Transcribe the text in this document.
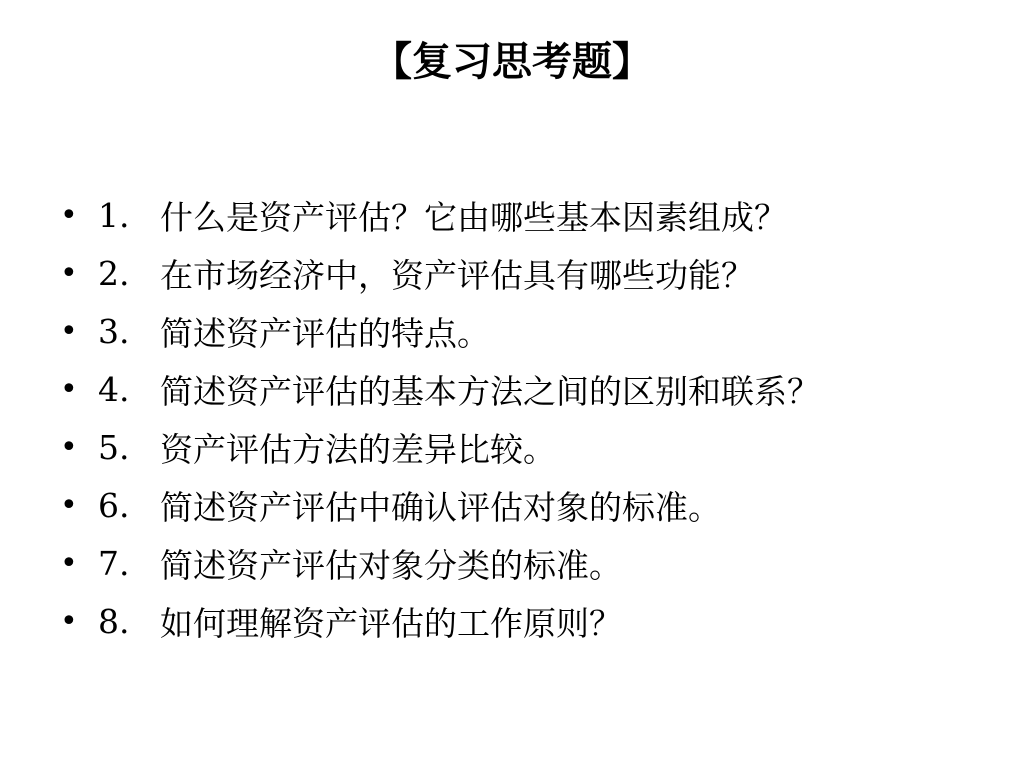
【复习思考题】
• 1. 什么是资产评估？它由哪些基本因素组成？
• 2. 在市场经济中，资产评估具有哪些功能？
• 3. 简述资产评估的特点。
• 4. 简述资产评估的基本方法之间的区别和联系？
• 5. 资产评估方法的差异比较。
• 6. 简述资产评估中确认评估对象的标准。
• 7. 简述资产评估对象分类的标准。
• 8. 如何理解资产评估的工作原则？
